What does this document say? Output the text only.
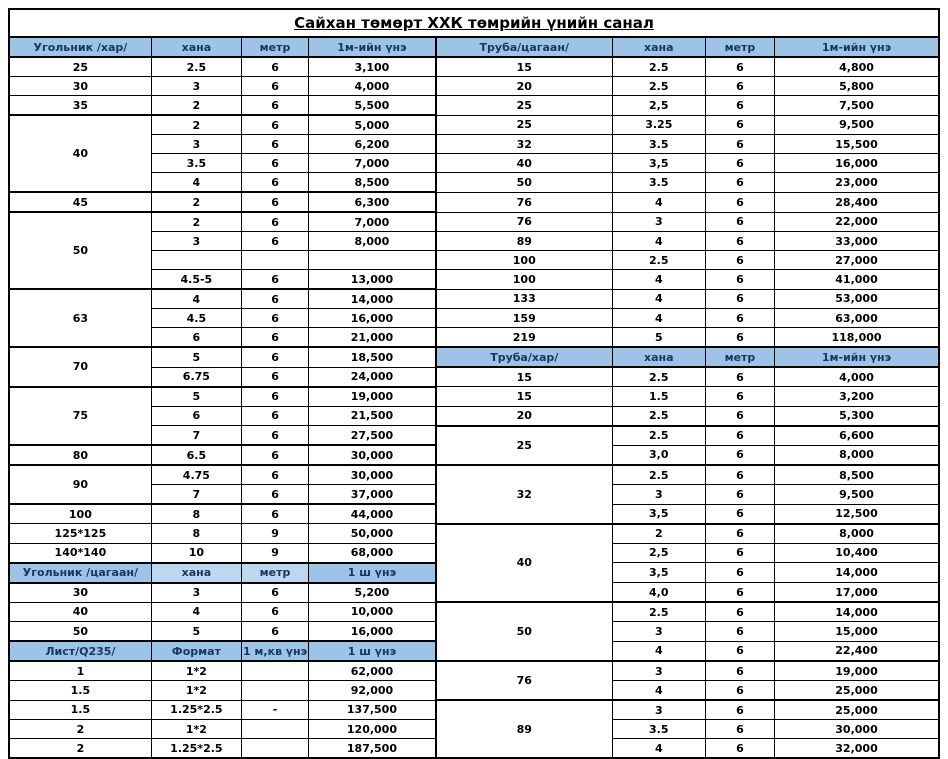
Сайхан төмөрт ХХК төмрийн үнийн санал							
Угольник /хар/	хана	метр	1м-ийн үнэ	Труба/цагаан/	хана	метр	1м-ийн үнэ
25	2.5	6	3,100	15	2.5	6	4,800
30	3	6	4,000	20	2.5	6	5,800
35	2	6	5,500	25	2,5	6	7,500
40	2	6	5,000	25	3.25	6	9,500
	3	6	6,200	32	3.5	6	15,500
	3.5	6	7,000	40	3,5	6	16,000
	4	6	8,500	50	3.5	6	23,000
45	2	6	6,300	76	4	6	28,400
50	2	6	7,000	76	3	6	22,000
	3	6	8,000	89	4	6	33,000
				100	2.5	6	27,000
	4.5-5	6	13,000	100	4	6	41,000
63	4	6	14,000	133	4	6	53,000
	4.5	6	16,000	159	4	6	63,000
	6	6	21,000	219	5	6	118,000
70	5	6	18,500	Труба/хар/	хана	метр	1м-ийн үнэ
	6.75	6	24,000	15	2.5	6	4,000
75	5	6	19,000	15	1.5	6	3,200
	6	6	21,500	20	2.5	6	5,300
	7	6	27,500	25	2.5	6	6,600
80	6.5	6	30,000		3,0	6	8,000
90	4.75	6	30,000	32	2.5	6	8,500
	7	6	37,000		3	6	9,500
100	8	6	44,000		3,5	6	12,500
125*125	8	9	50,000	40	2	6	8,000
140*140	10	9	68,000		2,5	6	10,400
Угольник /цагаан/	хана	метр	1 ш үнэ		3,5	6	14,000
30	3	6	5,200		4,0	6	17,000
40	4	6	10,000	50	2.5	6	14,000
50	5	6	16,000		3	6	15,000
Лист/Q235/	Формат	1 м,кв үнэ	1 ш үнэ		4	6	22,400
1	1*2		62,000	76	3	6	19,000
1.5	1*2		92,000		4	6	25,000
1.5	1.25*2.5	-	137,500	89	3	6	25,000
2	1*2		120,000		3.5	6	30,000
2	1.25*2.5		187,500		4	6	32,000
